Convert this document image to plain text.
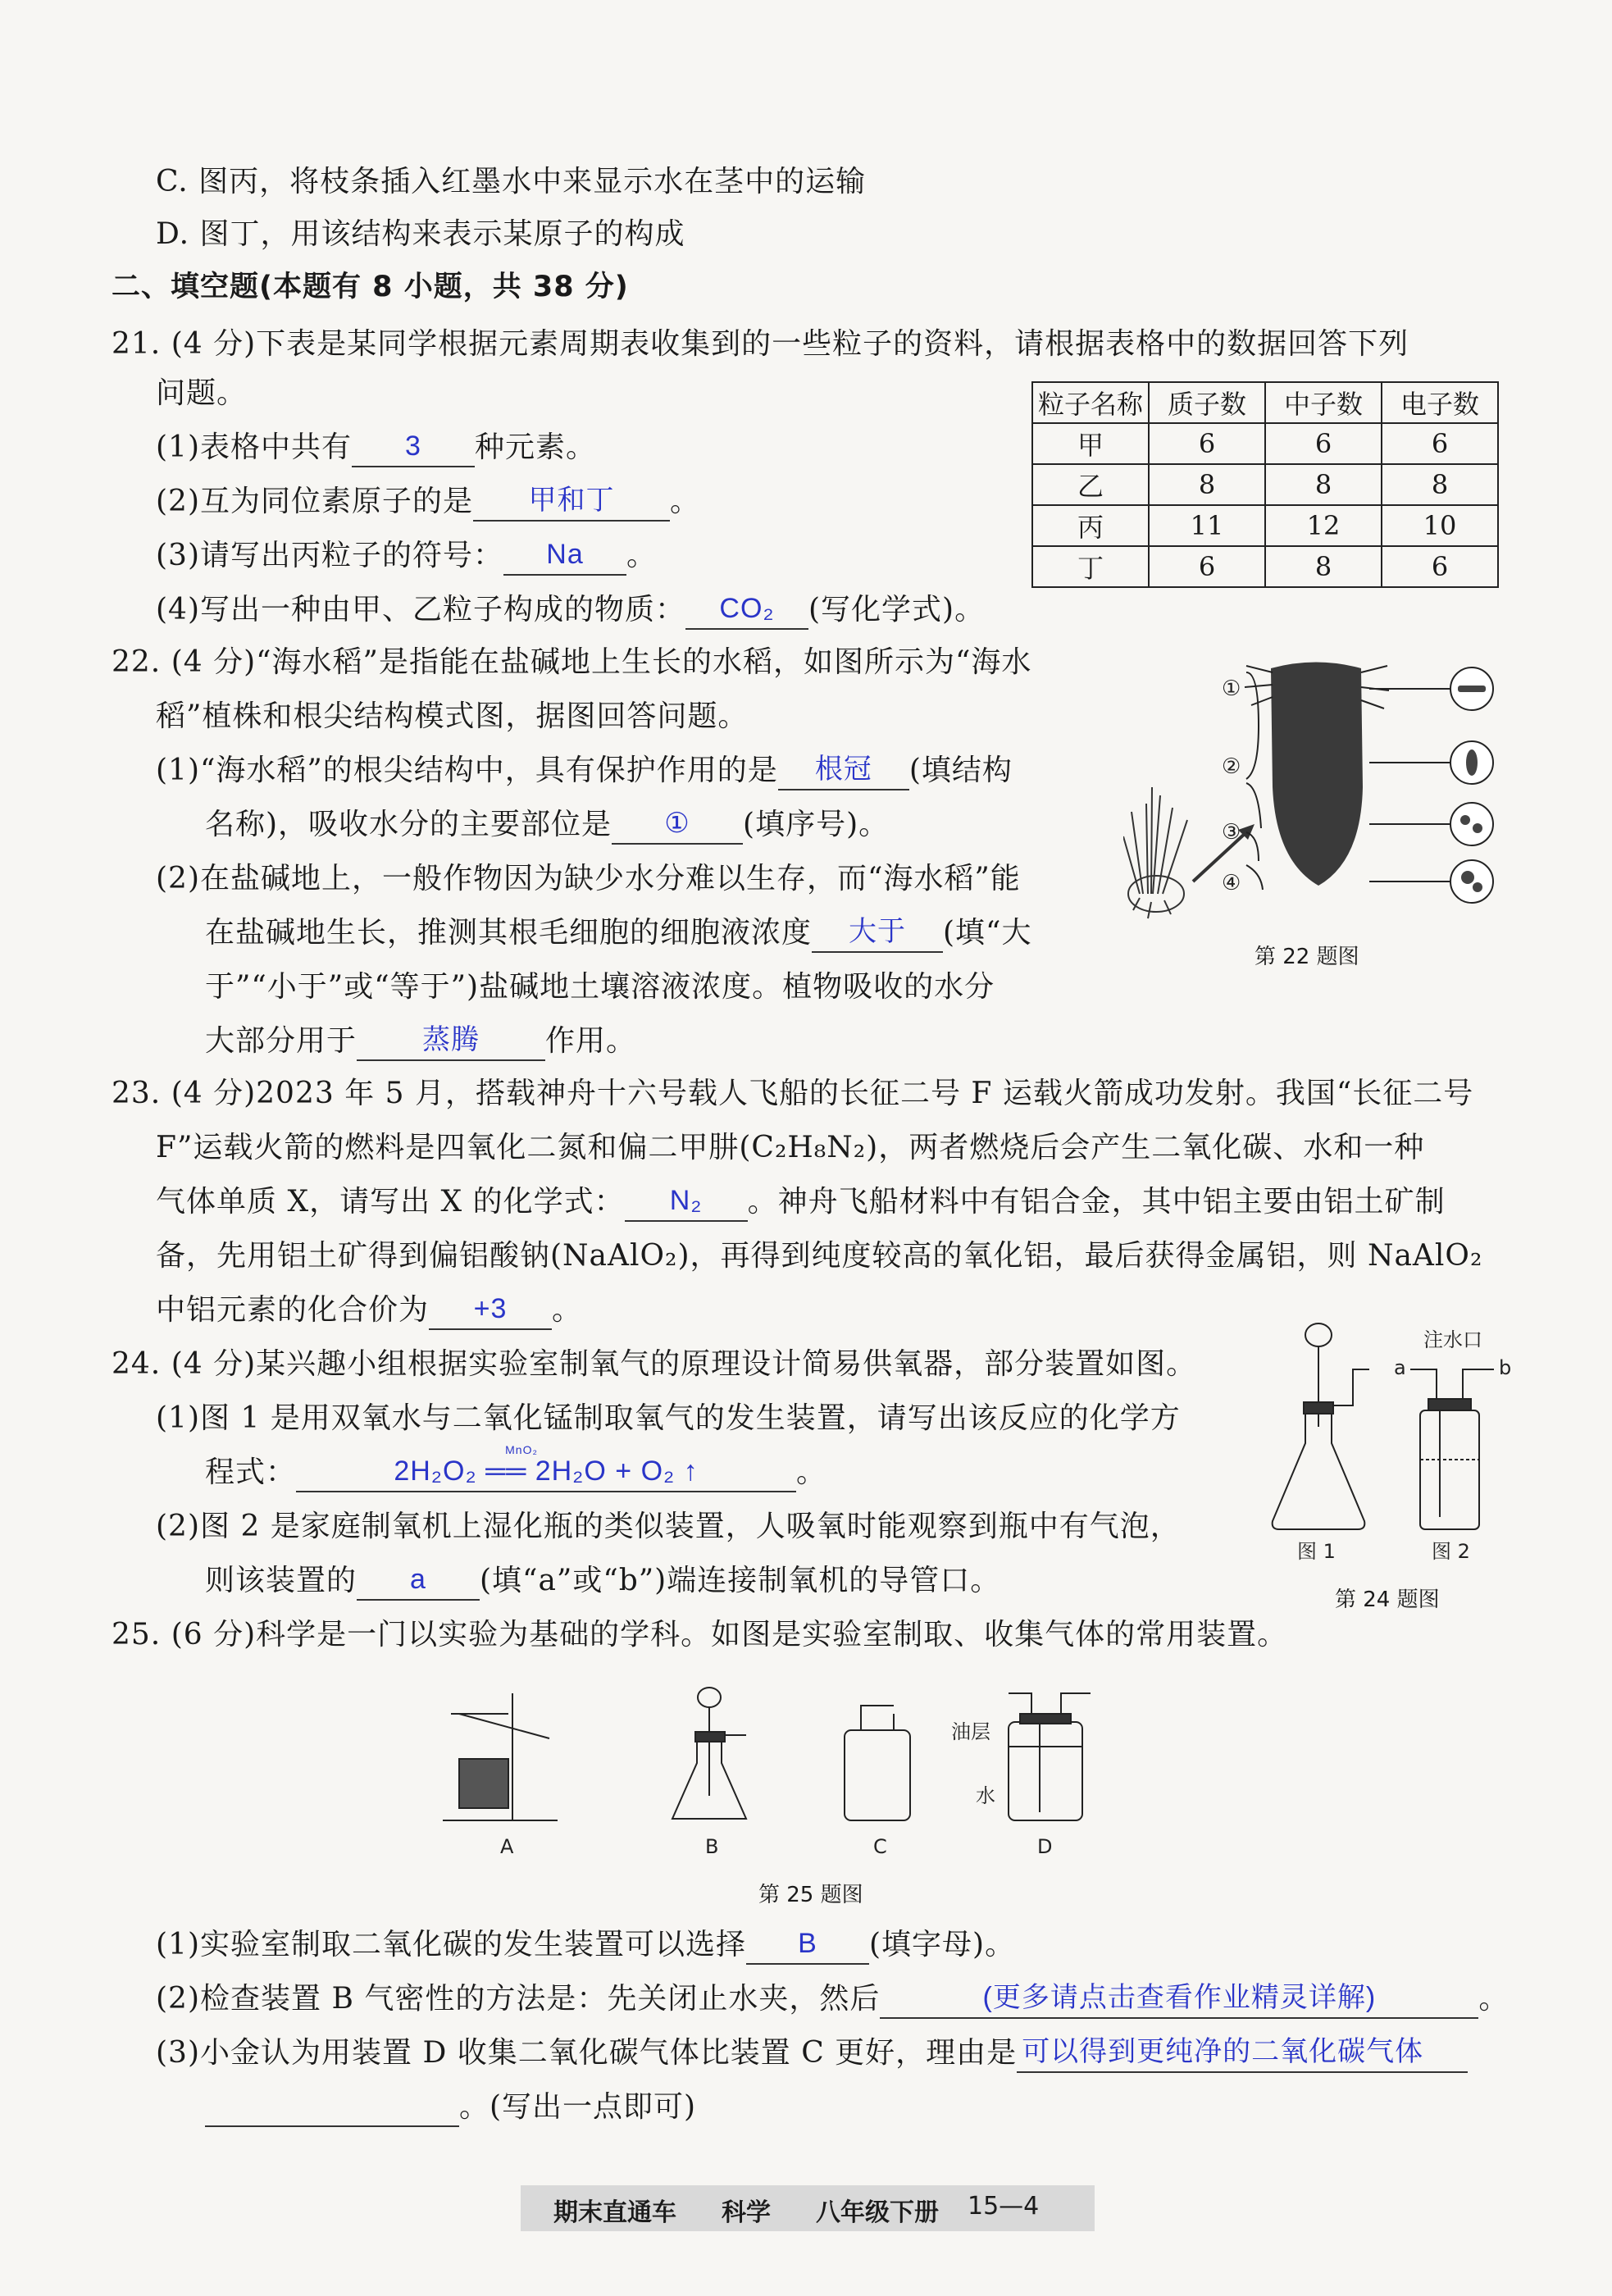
C. 图丙，将枝条插入红墨水中来显示水在茎中的运输
D. 图丁，用该结构来表示某原子的构成
二、填空题(本题有 8 小题，共 38 分)
21. (4 分)下表是某同学根据元素周期表收集到的一些粒子的资料，请根据表格中的数据回答下列
问题。
(1)表格中共有	3	种元素。
(2)互为同位素原子的是	甲和丁	。
(3)请写出丙粒子的符号：	Na	。
(4)写出一种由甲、乙粒子构成的物质：	CO₂	(写化学式)。
粒子名称	质子数	中子数	电子数
甲	6	6	6
乙	8	8	8
丙	11	12	10
丁	6	8	6
22. (4 分)“海水稻”是指能在盐碱地上生长的水稻，如图所示为“海水
稻”植株和根尖结构模式图，据图回答问题。
(1)“海水稻”的根尖结构中，具有保护作用的是	根冠	(填结构
名称)，吸收水分的主要部位是	①	(填序号)。
(2)在盐碱地上，一般作物因为缺少水分难以生存，而“海水稻”能
在盐碱地生长，推测其根毛细胞的细胞液浓度	大于	(填“大
于”“小于”或“等于”)盐碱地土壤溶液浓度。植物吸收的水分
大部分用于	蒸腾	作用。
①
②
③
④
第 22 题图
23. (4 分)2023 年 5 月，搭载神舟十六号载人飞船的长征二号 F 运载火箭成功发射。我国“长征二号
F”运载火箭的燃料是四氧化二氮和偏二甲肼(C₂H₈N₂)，两者燃烧后会产生二氧化碳、水和一种
气体单质 X，请写出 X 的化学式：	N₂	。神舟飞船材料中有铝合金，其中铝主要由铝土矿制
备，先用铝土矿得到偏铝酸钠(NaAlO₂)，再得到纯度较高的氧化铝，最后获得金属铝，则 NaAlO₂
中铝元素的化合价为	+3	。
24. (4 分)某兴趣小组根据实验室制氧气的原理设计简易供氧器，部分装置如图。
(1)图 1 是用双氧水与二氧化锰制取氧气的发生装置，请写出该反应的化学方
程式：
MnO₂
2H₂O₂ ══ 2H₂O + O₂ ↑	。
(2)图 2 是家庭制氧机上湿化瓶的类似装置，人吸氧时能观察到瓶中有气泡，
则该装置的	a	(填“a”或“b”)端连接制氧机的导管口。
注水口
a	b
图 1	图 2
第 24 题图
25. (6 分)科学是一门以实验为基础的学科。如图是实验室制取、收集气体的常用装置。
A	B	C	D
油层
水
第 25 题图
(1)实验室制取二氧化碳的发生装置可以选择	B	(填字母)。
(2)检查装置 B 气密性的方法是：先关闭止水夹，然后	(更多请点击查看作业精灵详解)	。
(3)小金认为用装置 D 收集二氧化碳气体比装置 C 更好，理由是 可以得到更纯净的二氧化碳气体
。(写出一点即可)
期末直通车 科学 八年级下册 15—4
